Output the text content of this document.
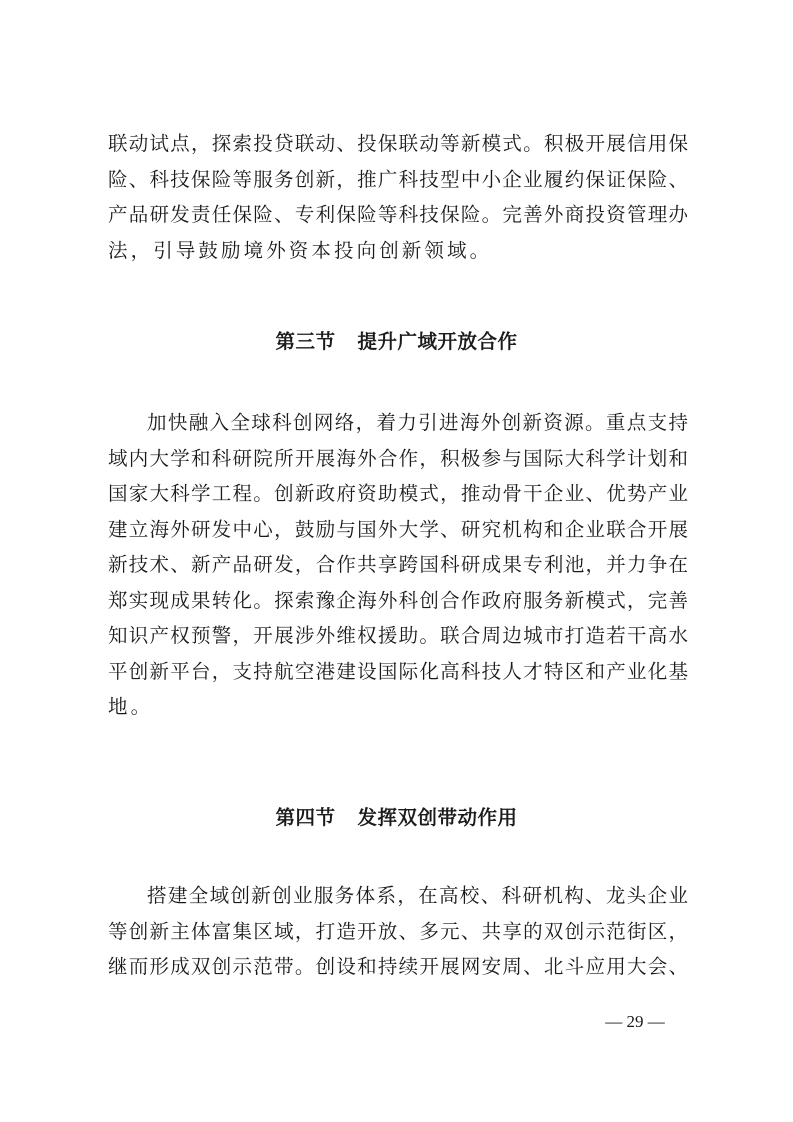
联动试点，探索投贷联动、投保联动等新模式。积极开展信用保
险、科技保险等服务创新，推广科技型中小企业履约保证保险、
产品研发责任保险、专利保险等科技保险。完善外商投资管理办
法，引导鼓励境外资本投向创新领域。
第三节 提升广域开放合作
加快融入全球科创网络，着力引进海外创新资源。重点支持
域内大学和科研院所开展海外合作，积极参与国际大科学计划和
国家大科学工程。创新政府资助模式，推动骨干企业、优势产业
建立海外研发中心，鼓励与国外大学、研究机构和企业联合开展
新技术、新产品研发，合作共享跨国科研成果专利池，并力争在
郑实现成果转化。探索豫企海外科创合作政府服务新模式，完善
知识产权预警，开展涉外维权援助。联合周边城市打造若干高水
平创新平台，支持航空港建设国际化高科技人才特区和产业化基
地。
第四节 发挥双创带动作用
搭建全域创新创业服务体系，在高校、科研机构、龙头企业
等创新主体富集区域，打造开放、多元、共享的双创示范街区，
继而形成双创示范带。创设和持续开展网安周、北斗应用大会、
— 29 —
